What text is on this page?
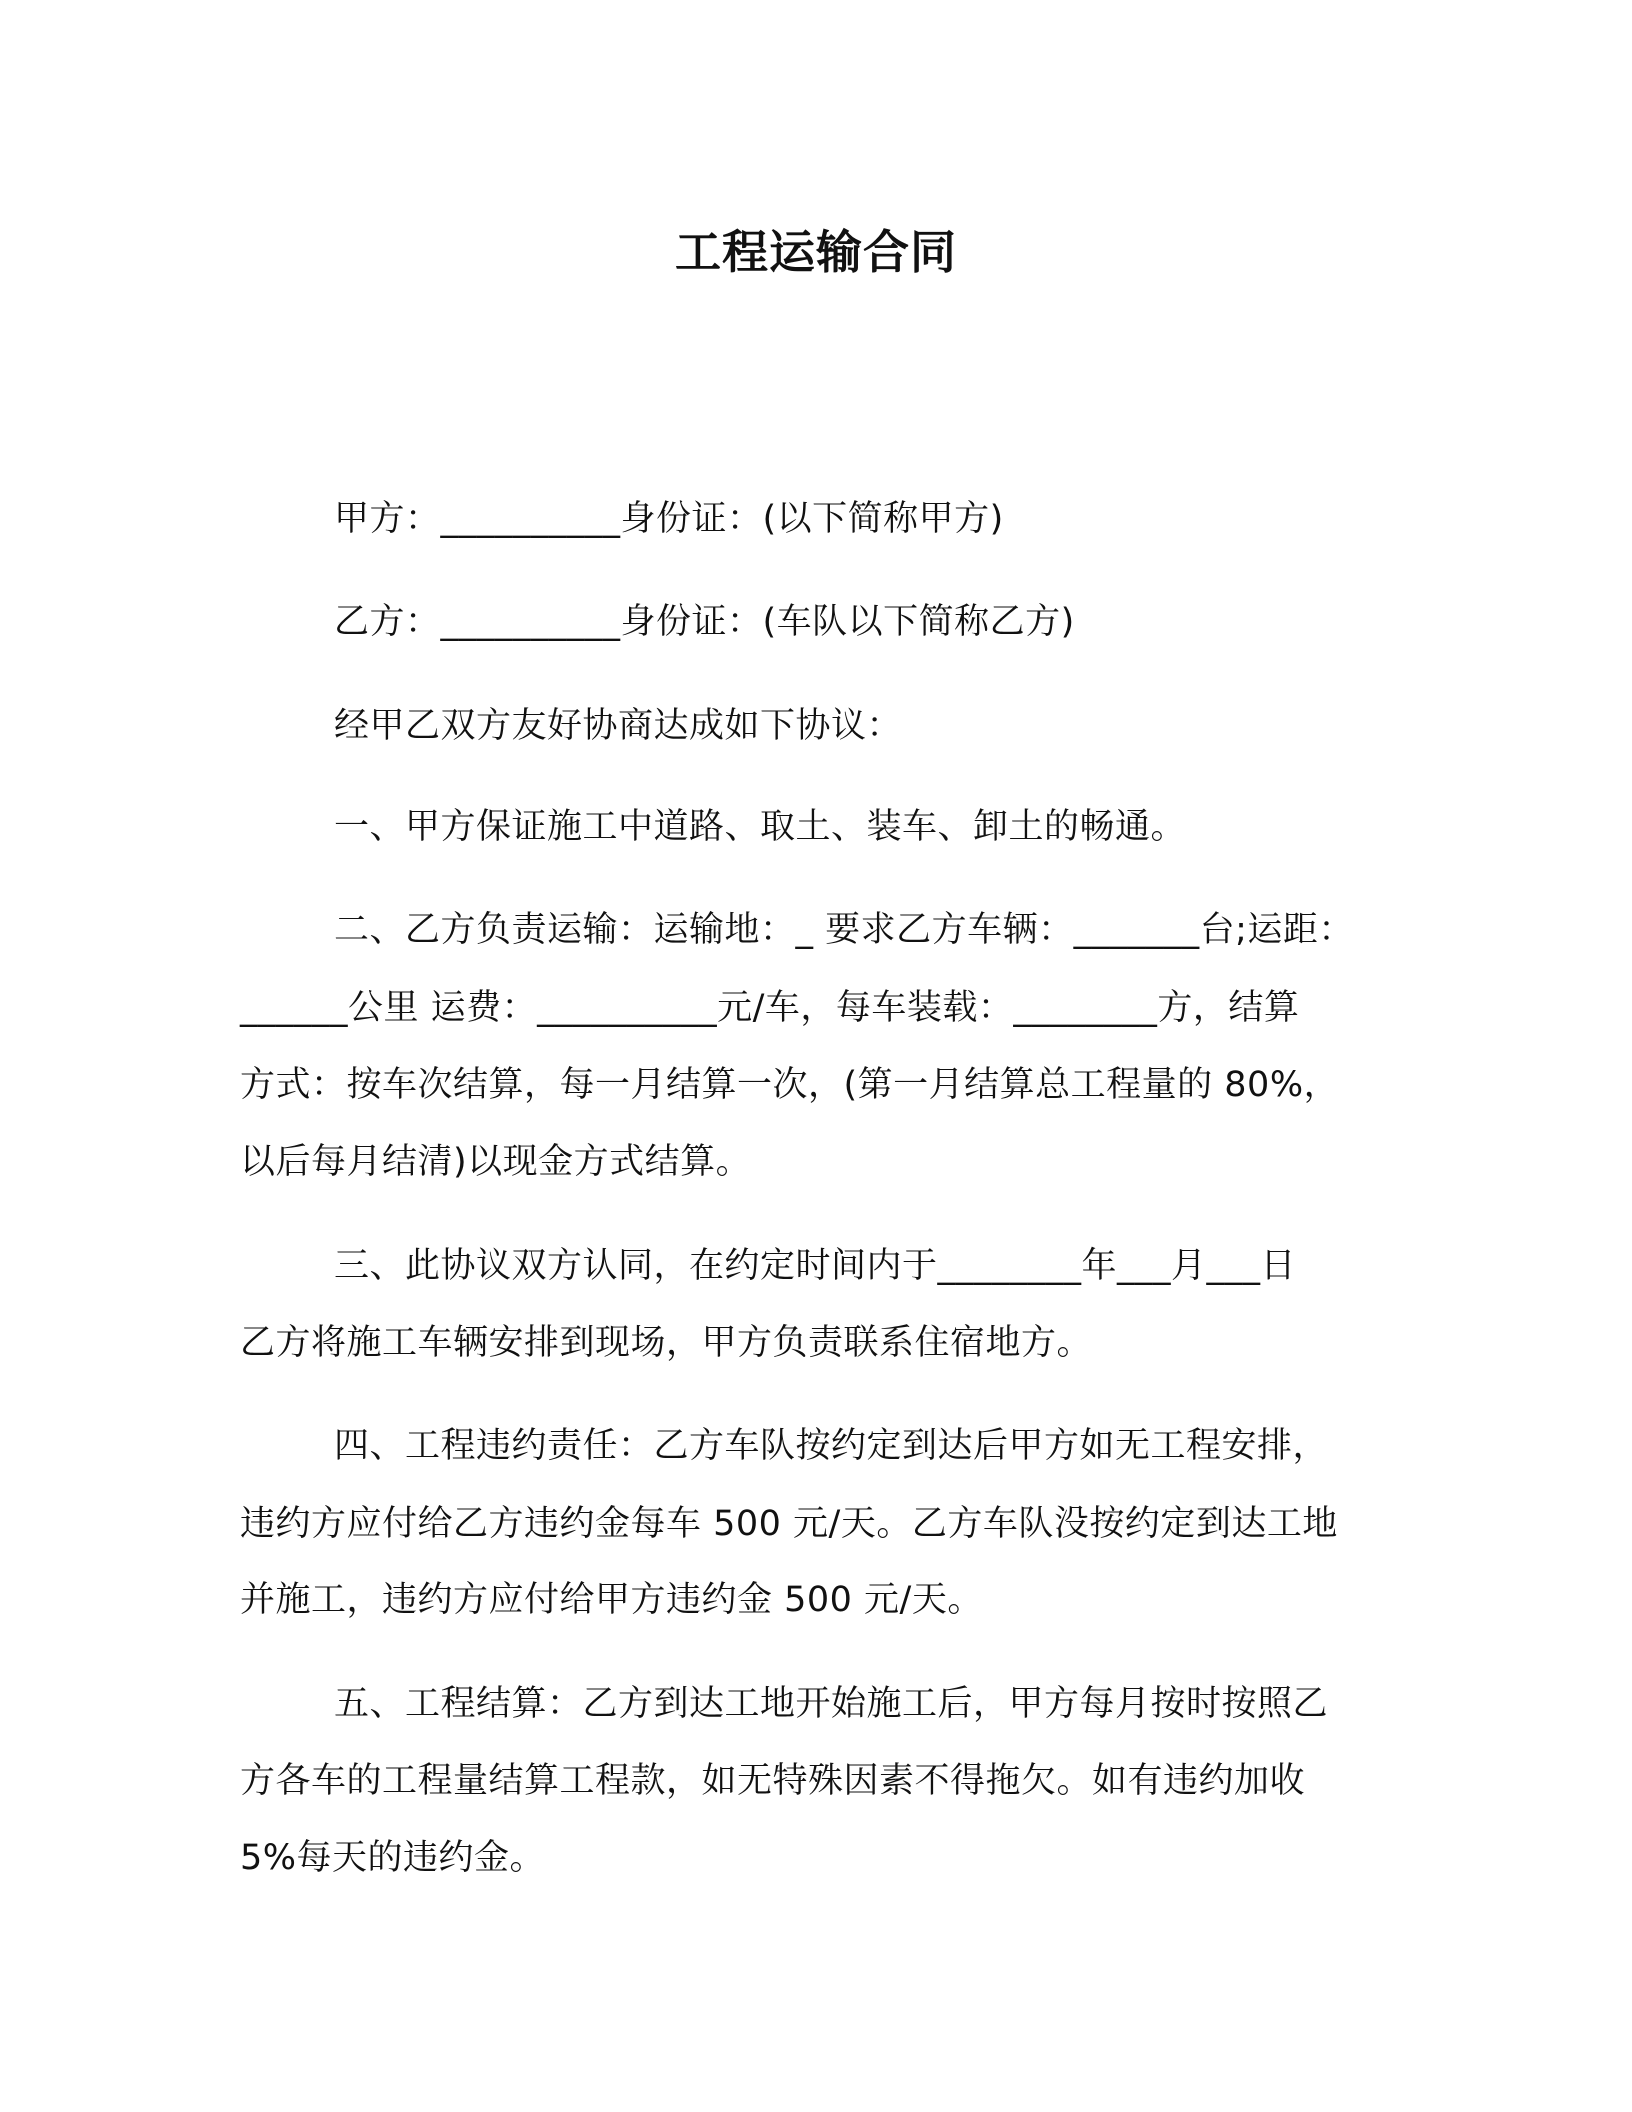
工程运输合同
甲方：__________身份证：(以下简称甲方)
乙方：__________身份证：(车队以下简称乙方)
经甲乙双方友好协商达成如下协议：
一、甲方保证施工中道路、取土、装车、卸土的畅通。
二、乙方负责运输：运输地：_ 要求乙方车辆：_______台;运距：
______公里 运费：__________元/车，每车装载：________方，结算
方式：按车次结算，每一月结算一次，(第一月结算总工程量的 80%，
以后每月结清)以现金方式结算。
三、此协议双方认同，在约定时间内于________年___月___日
乙方将施工车辆安排到现场，甲方负责联系住宿地方。
四、工程违约责任：乙方车队按约定到达后甲方如无工程安排，
违约方应付给乙方违约金每车 500 元/天。乙方车队没按约定到达工地
并施工，违约方应付给甲方违约金 500 元/天。
五、工程结算：乙方到达工地开始施工后，甲方每月按时按照乙
方各车的工程量结算工程款，如无特殊因素不得拖欠。如有违约加收
5%每天的违约金。
